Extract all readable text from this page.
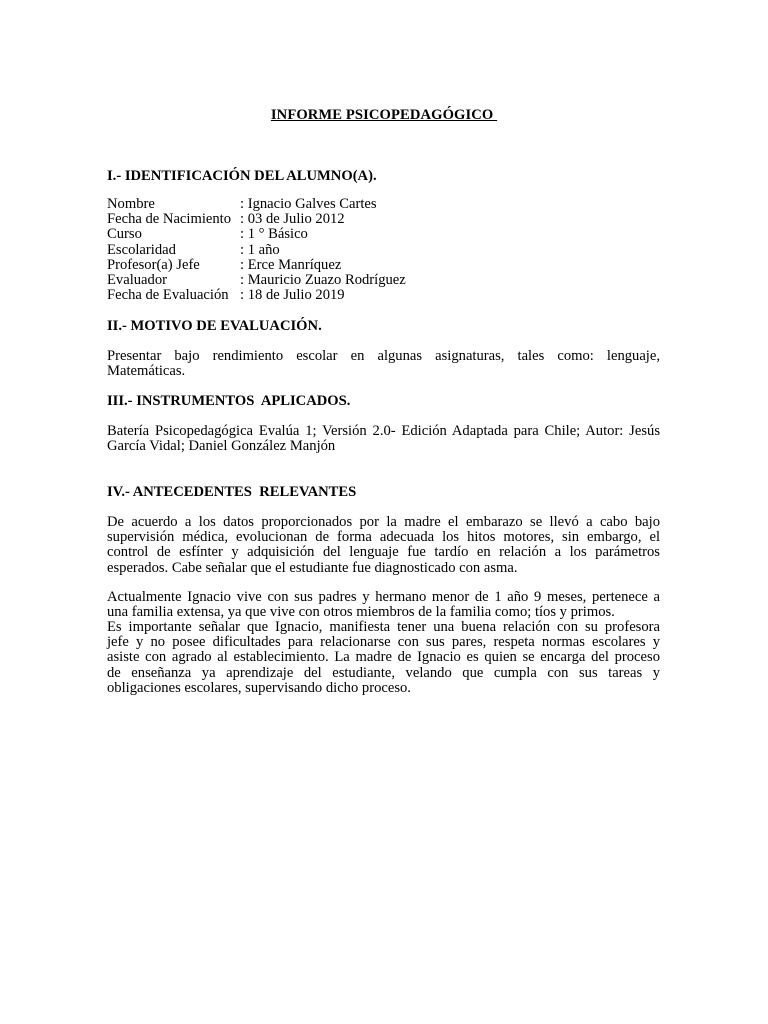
INFORME PSICOPEDAGÓGICO
I.- IDENTIFICACIÓN DEL ALUMNO(A).
Nombre	: Ignacio Galves Cartes
Fecha de Nacimiento : 03 de Julio 2012
Curso	: 1 ° Básico
Escolaridad	: 1 año
Profesor(a) Jefe	: Erce Manríquez
Evaluador	: Mauricio Zuazo Rodríguez
Fecha de Evaluación : 18 de Julio 2019
II.- MOTIVO DE EVALUACIÓN.
Presentar bajo rendimiento escolar en algunas asignaturas, tales como: lenguaje,
Matemáticas.
III.- INSTRUMENTOS  APLICADOS.
Batería Psicopedagógica Evalúa 1; Versión 2.0- Edición Adaptada para Chile; Autor: Jesús
García Vidal; Daniel González Manjón
IV.- ANTECEDENTES  RELEVANTES
De acuerdo a los datos proporcionados por la madre el embarazo se llevó a cabo bajo
supervisión médica, evolucionan de forma adecuada los hitos motores, sin embargo, el
control de esfínter y adquisición del lenguaje fue tardío en relación a los parámetros
esperados. Cabe señalar que el estudiante fue diagnosticado con asma.
Actualmente Ignacio vive con sus padres y hermano menor de 1 año 9 meses, pertenece a
una familia extensa, ya que vive con otros miembros de la familia como; tíos y primos.
Es importante señalar que Ignacio, manifiesta tener una buena relación con su profesora
jefe y no posee dificultades para relacionarse con sus pares, respeta normas escolares y
asiste con agrado al establecimiento. La madre de Ignacio es quien se encarga del proceso
de enseñanza ya aprendizaje del estudiante, velando que cumpla con sus tareas y
obligaciones escolares, supervisando dicho proceso.
